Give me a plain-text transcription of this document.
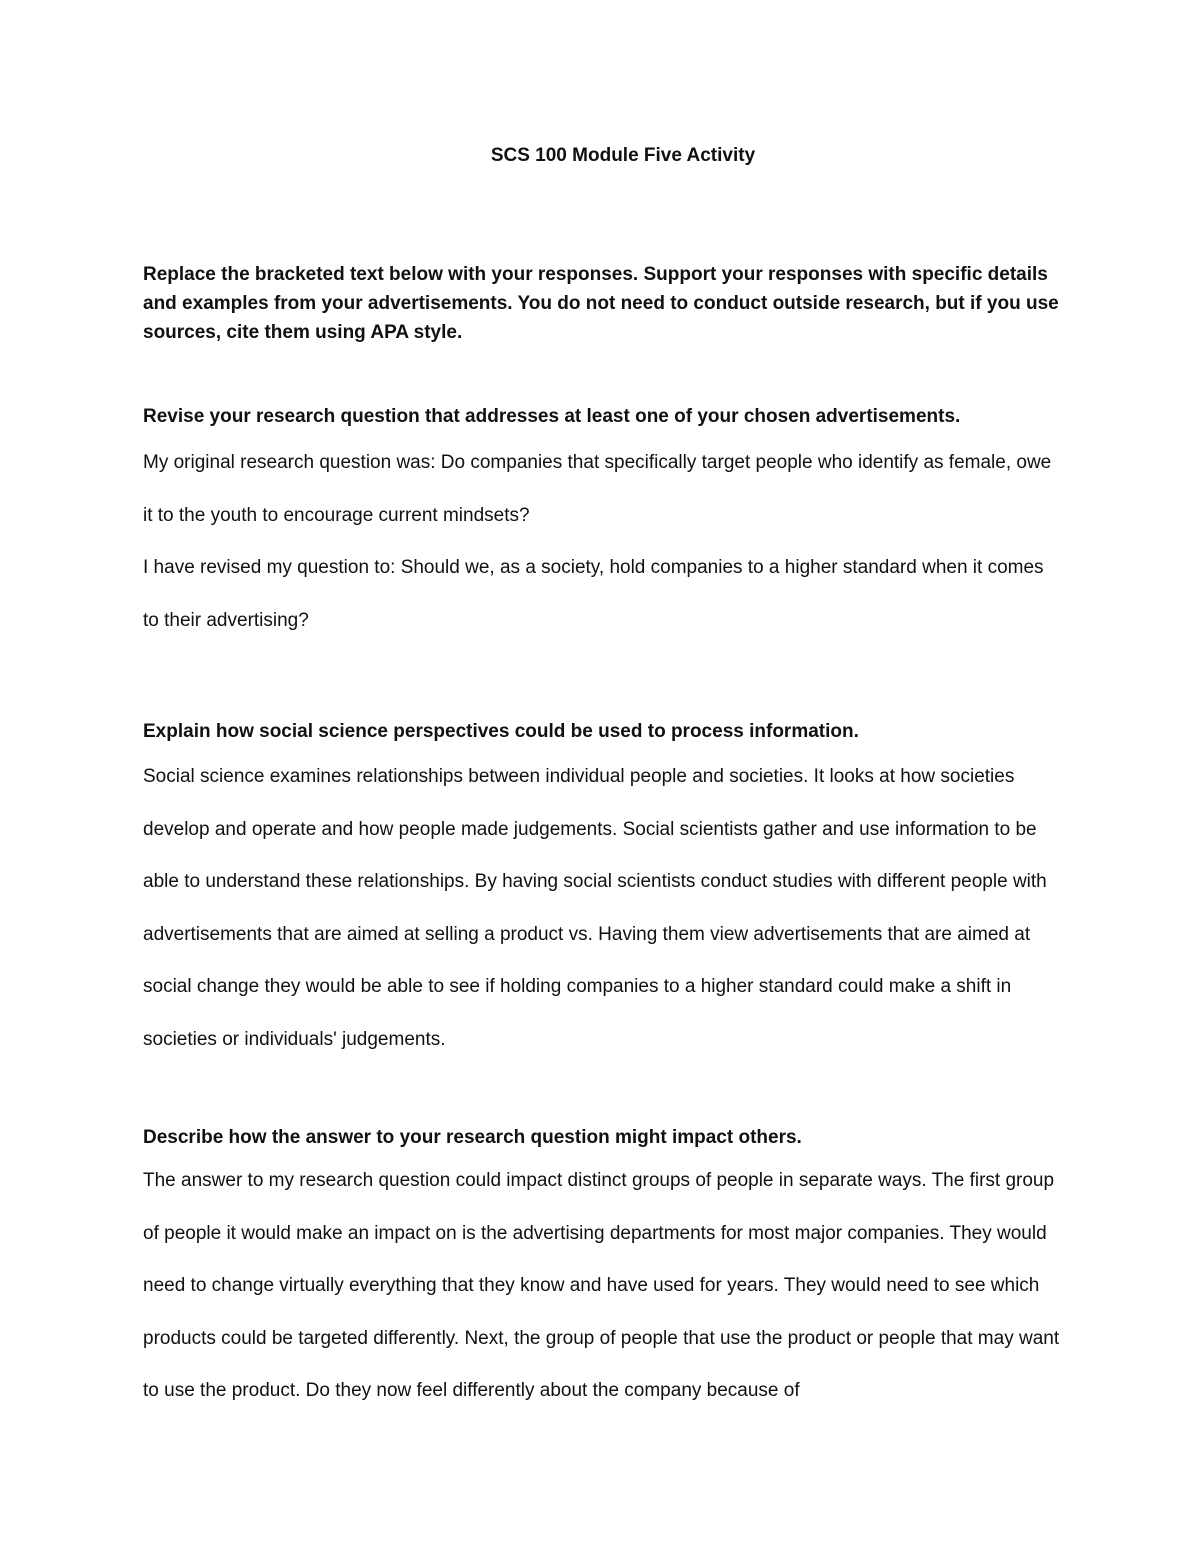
SCS 100 Module Five Activity
Replace the bracketed text below with your responses. Support your responses with specific details and examples from your advertisements. You do not need to conduct outside research, but if you use sources, cite them using APA style.
Revise your research question that addresses at least one of your chosen advertisements.

My original research question was: Do companies that specifically target people who identify as female, owe it to the youth to encourage current mindsets?

I have revised my question to: Should we, as a society, hold companies to a higher standard when it comes to their advertising?

Explain how social science perspectives could be used to process information.

Social science examines relationships between individual people and societies. It looks at how societies develop and operate and how people made judgements. Social scientists gather and use information to be able to understand these relationships. By having social scientists conduct studies with different people with advertisements that are aimed at selling a product vs. Having them view advertisements that are aimed at social change they would be able to see if holding companies to a higher standard could make a shift in societies or individuals' judgements.

Describe how the answer to your research question might impact others.

The answer to my research question could impact distinct groups of people in separate ways. The first group of people it would make an impact on is the advertising departments for most major companies. They would need to change virtually everything that they know and have used for years. They would need to see which products could be targeted differently. Next, the group of people that use the product or people that may want to use the product. Do they now feel differently about the company because of
